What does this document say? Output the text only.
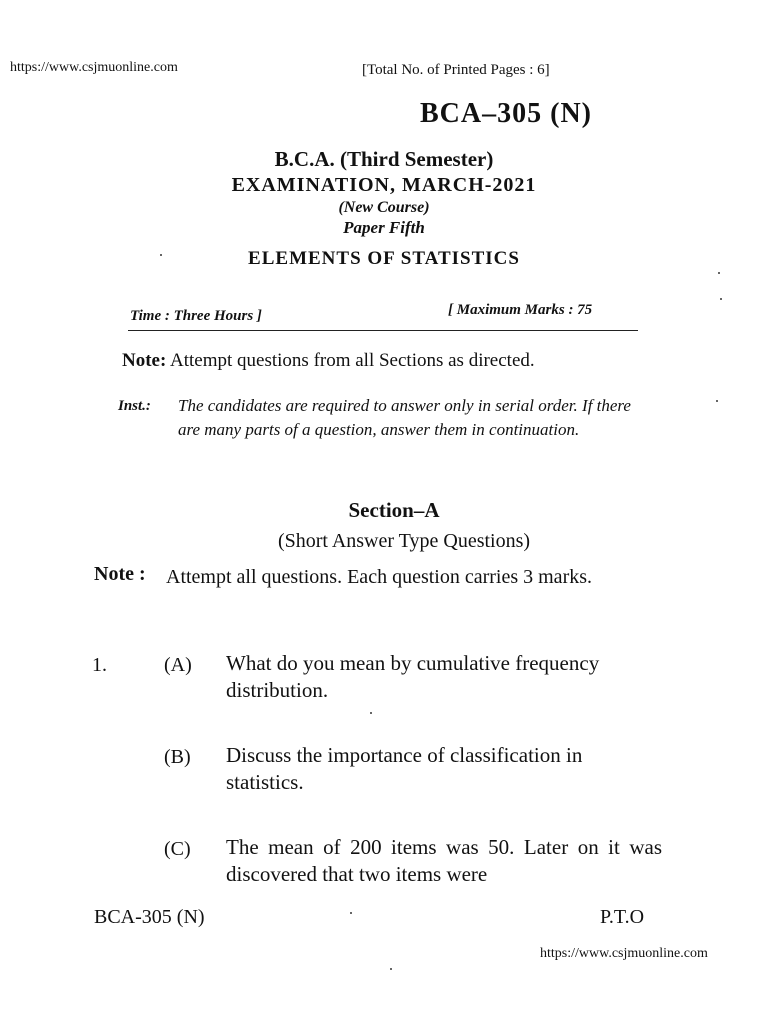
https://www.csjmuonline.com	[Total No. of Printed Pages : 6]
BCA–305 (N)
B.C.A. (Third Semester)
EXAMINATION, MARCH-2021
(New Course)
Paper Fifth
ELEMENTS OF STATISTICS
Time : Three Hours ]	[ Maximum Marks : 75
Note: Attempt questions from all Sections as directed.
Inst.: The candidates are required to answer only in serial order. If there are many parts of a question, answer them in continuation.
Section–A
(Short Answer Type Questions)
Note : Attempt all questions. Each question carries 3 marks.
1.	(A) What do you mean by cumulative frequency distribution.
(B) Discuss the importance of classification in statistics.
(C) The mean of 200 items was 50. Later on it was discovered that two items were
BCA-305 (N)	P.T.O
https://www.csjmuonline.com
